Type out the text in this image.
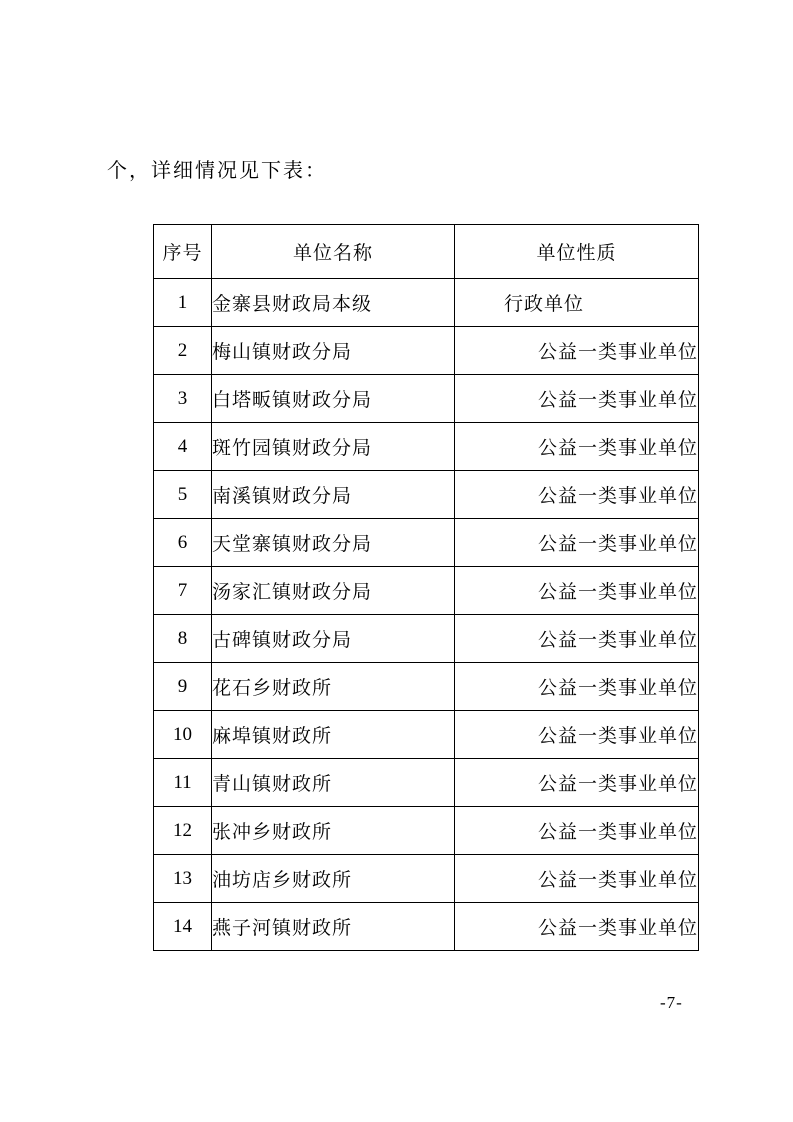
个，详细情况见下表：
序号	单位名称	单位性质
1	金寨县财政局本级	行政单位
2	梅山镇财政分局	公益一类事业单位
3	白塔畈镇财政分局	公益一类事业单位
4	斑竹园镇财政分局	公益一类事业单位
5	南溪镇财政分局	公益一类事业单位
6	天堂寨镇财政分局	公益一类事业单位
7	汤家汇镇财政分局	公益一类事业单位
8	古碑镇财政分局	公益一类事业单位
9	花石乡财政所	公益一类事业单位
10	麻埠镇财政所	公益一类事业单位
11	青山镇财政所	公益一类事业单位
12	张冲乡财政所	公益一类事业单位
13	油坊店乡财政所	公益一类事业单位
14	燕子河镇财政所	公益一类事业单位
-7-
